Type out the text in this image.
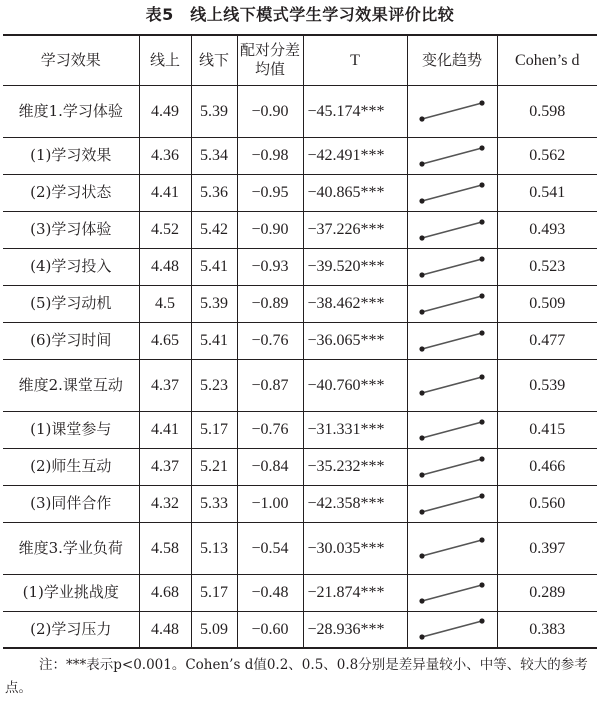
表5　线上线下模式学生学习效果评价比较
学习效果	线上	线下	配对分差均值	T	变化趋势	Cohen’s d
维度1.学习体验	4.49	5.39	−0.90	−45.174***		0.598
(1)学习效果	4.36	5.34	−0.98	−42.491***		0.562
(2)学习状态	4.41	5.36	−0.95	−40.865***		0.541
(3)学习体验	4.52	5.42	−0.90	−37.226***		0.493
(4)学习投入	4.48	5.41	−0.93	−39.520***		0.523
(5)学习动机	4.5	5.39	−0.89	−38.462***		0.509
(6)学习时间	4.65	5.41	−0.76	−36.065***		0.477
维度2.课堂互动	4.37	5.23	−0.87	−40.760***		0.539
(1)课堂参与	4.41	5.17	−0.76	−31.331***		0.415
(2)师生互动	4.37	5.21	−0.84	−35.232***		0.466
(3)同伴合作	4.32	5.33	−1.00	−42.358***		0.560
维度3.学业负荷	4.58	5.13	−0.54	−30.035***		0.397
(1)学业挑战度	4.68	5.17	−0.48	−21.874***		0.289
(2)学习压力	4.48	5.09	−0.60	−28.936***		0.383
注：***表示p<0.001。Cohen’s d值0.2、0.5、0.8分别是差异量较小、中等、较大的参考点。
